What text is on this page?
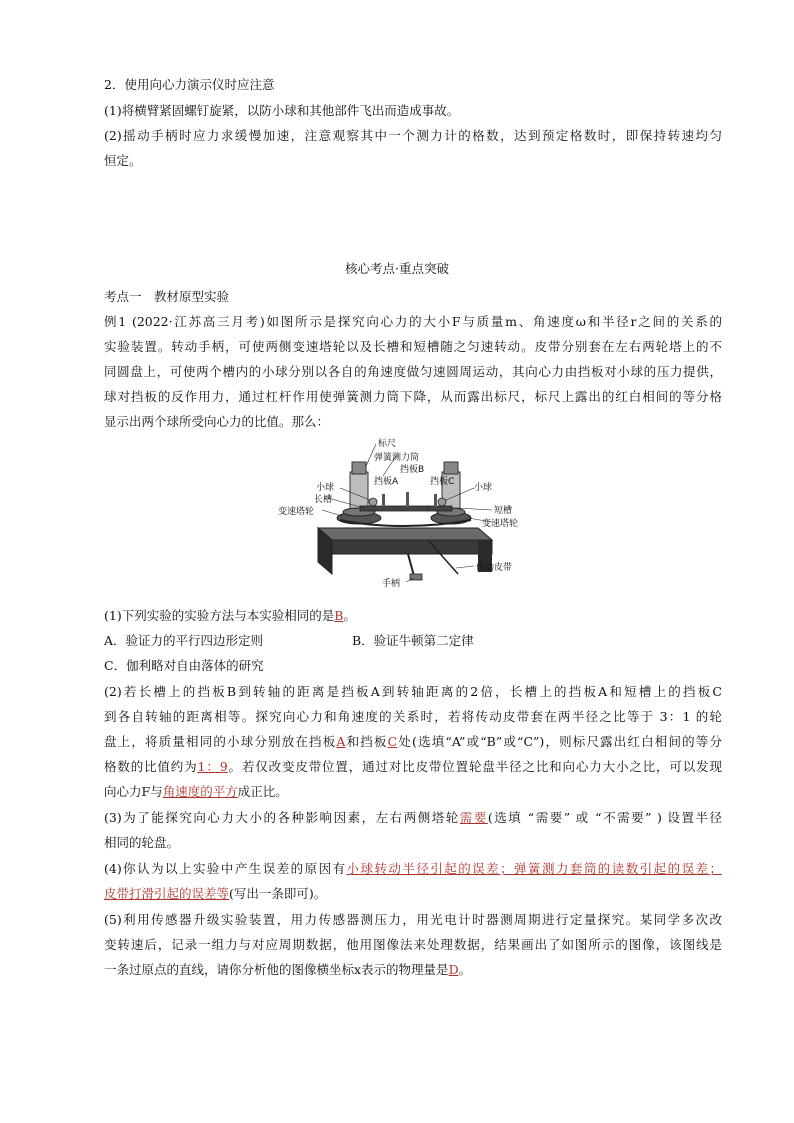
2．使用向心力演示仪时应注意
(1)将横臂紧固螺钉旋紧，以防小球和其他部件飞出而造成事故。
(2)摇动手柄时应力求缓慢加速，注意观察其中一个测力计的格数，达到预定格数时，即保持转速均匀
恒定。
核心考点·重点突破
考点一　教材原型实验
例1 (2022·江苏高三月考)如图所示是探究向心力的大小F与质量m、角速度ω和半径r之间的关系的
实验装置。转动手柄，可使两侧变速塔轮以及长槽和短槽随之匀速转动。皮带分别套在左右两轮塔上的不
同圆盘上，可使两个槽内的小球分别以各自的角速度做匀速圆周运动，其向心力由挡板对小球的压力提供，
球对挡板的反作用力，通过杠杆作用使弹簧测力筒下降，从而露出标尺，标尺上露出的红白相间的等分格
显示出两个球所受向心力的比值。那么：
标尺
弹簧测力筒
挡板B
挡板A	挡板C
小球	小球
长槽
变速塔轮	短槽
变速塔轮
传动皮带
手柄
(1)下列实验的实验方法与本实验相同的是B。
A．验证力的平行四边形定则	B．验证牛顿第二定律
C．伽利略对自由落体的研究
(2)若长槽上的挡板B到转轴的距离是挡板A到转轴距离的2倍，长槽上的挡板A和短槽上的挡板C
到各自转轴的距离相等。探究向心力和角速度的关系时，若将传动皮带套在两半径之比等于 3：1 的轮
盘上，将质量相同的小球分别放在挡板A和挡板C处(选填“A”或“B”或“C”)，则标尺露出红白相间的等分
格数的比值约为1：9。若仅改变皮带位置，通过对比皮带位置轮盘半径之比和向心力大小之比，可以发现
向心力F与角速度的平方成正比。
(3)为了能探究向心力大小的各种影响因素，左右两侧塔轮需要(选填 “需要” 或 “不需要” ) 设置半径
相同的轮盘。
(4)你认为以上实验中产生误差的原因有小球转动半径引起的误差；弹簧测力套筒的读数引起的误差；
皮带打滑引起的误差等(写出一条即可)。
(5)利用传感器升级实验装置，用力传感器测压力，用光电计时器测周期进行定量探究。某同学多次改
变转速后，记录一组力与对应周期数据，他用图像法来处理数据，结果画出了如图所示的图像，该图线是
一条过原点的直线，请你分析他的图像横坐标x表示的物理量是D。
